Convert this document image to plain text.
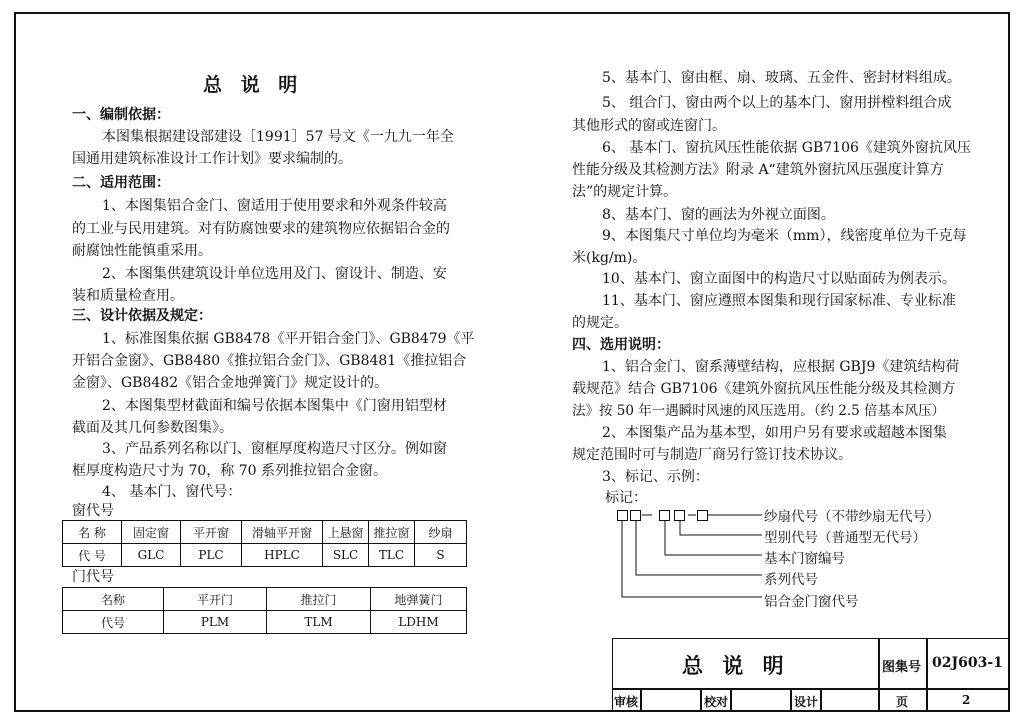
总 说 明
一、编制依据：
本图集根据建设部建设［1991］57 号文《一九九一年全
国通用建筑标准设计工作计划》要求编制的。
二、适用范围：
1、本图集铝合金门、窗适用于使用要求和外观条件较高
的工业与民用建筑。对有防腐蚀要求的建筑物应依据铝合金的
耐腐蚀性能慎重采用。
2、本图集供建筑设计单位选用及门、窗设计、制造、安
装和质量检查用。
三、设计依据及规定：
1、标准图集依据 GB8478《平开铝合金门》、GB8479《平
开铝合金窗》、GB8480《推拉铝合金门》、GB8481《推拉铝合
金窗》、GB8482《铝合金地弹簧门》规定设计的。
2、本图集型材截面和编号依据本图集中《门窗用铝型材
截面及其几何参数图集》。
3、产品系列名称以门、窗框厚度构造尺寸区分。例如窗
框厚度构造尺寸为 70，称 70 系列推拉铝合金窗。
4、 基本门、窗代号：
窗代号
名 称	固定窗	平开窗	滑轴平开窗	上悬窗	推拉窗	纱扇
代 号	GLC	PLC	HPLC	SLC	TLC	S
门代号
名称	平开门	推拉门	地弹簧门
代号	PLM	TLM	LDHM
5、基本门、窗由框、扇、玻璃、五金件、密封材料组成。
5、 组合门、窗由两个以上的基本门、窗用拼樘料组合成
其他形式的窗或连窗门。
6、 基本门、窗抗风压性能依据 GB7106《建筑外窗抗风压
性能分级及其检测方法》附录 A“建筑外窗抗风压强度计算方
法”的规定计算。
8、基本门、窗的画法为外视立面图。
9、本图集尺寸单位均为毫米（mm），线密度单位为千克每
米(kg/m)。
10、基本门、窗立面图中的构造尺寸以贴面砖为例表示。
11、基本门、窗应遵照本图集和现行国家标准、专业标准
的规定。
四、选用说明：
1、铝合金门、窗系薄壁结构，应根据 GBJ9《建筑结构荷
载规范》结合 GB7106《建筑外窗抗风压性能分级及其检测方
法》按 50 年一遇瞬时风速的风压选用。（约 2.5 倍基本风压）
2、本图集产品为基本型，如用户另有要求或超越本图集
规定范围时可与制造厂商另行签订技术协议。
3、标记、示例：
标记：
纱扇代号（不带纱扇无代号）
型别代号（普通型无代号）
基本门窗编号
系列代号
铝合金门窗代号
总 说 明	图集号 02J603-1
审核	校对	设计	页	2
